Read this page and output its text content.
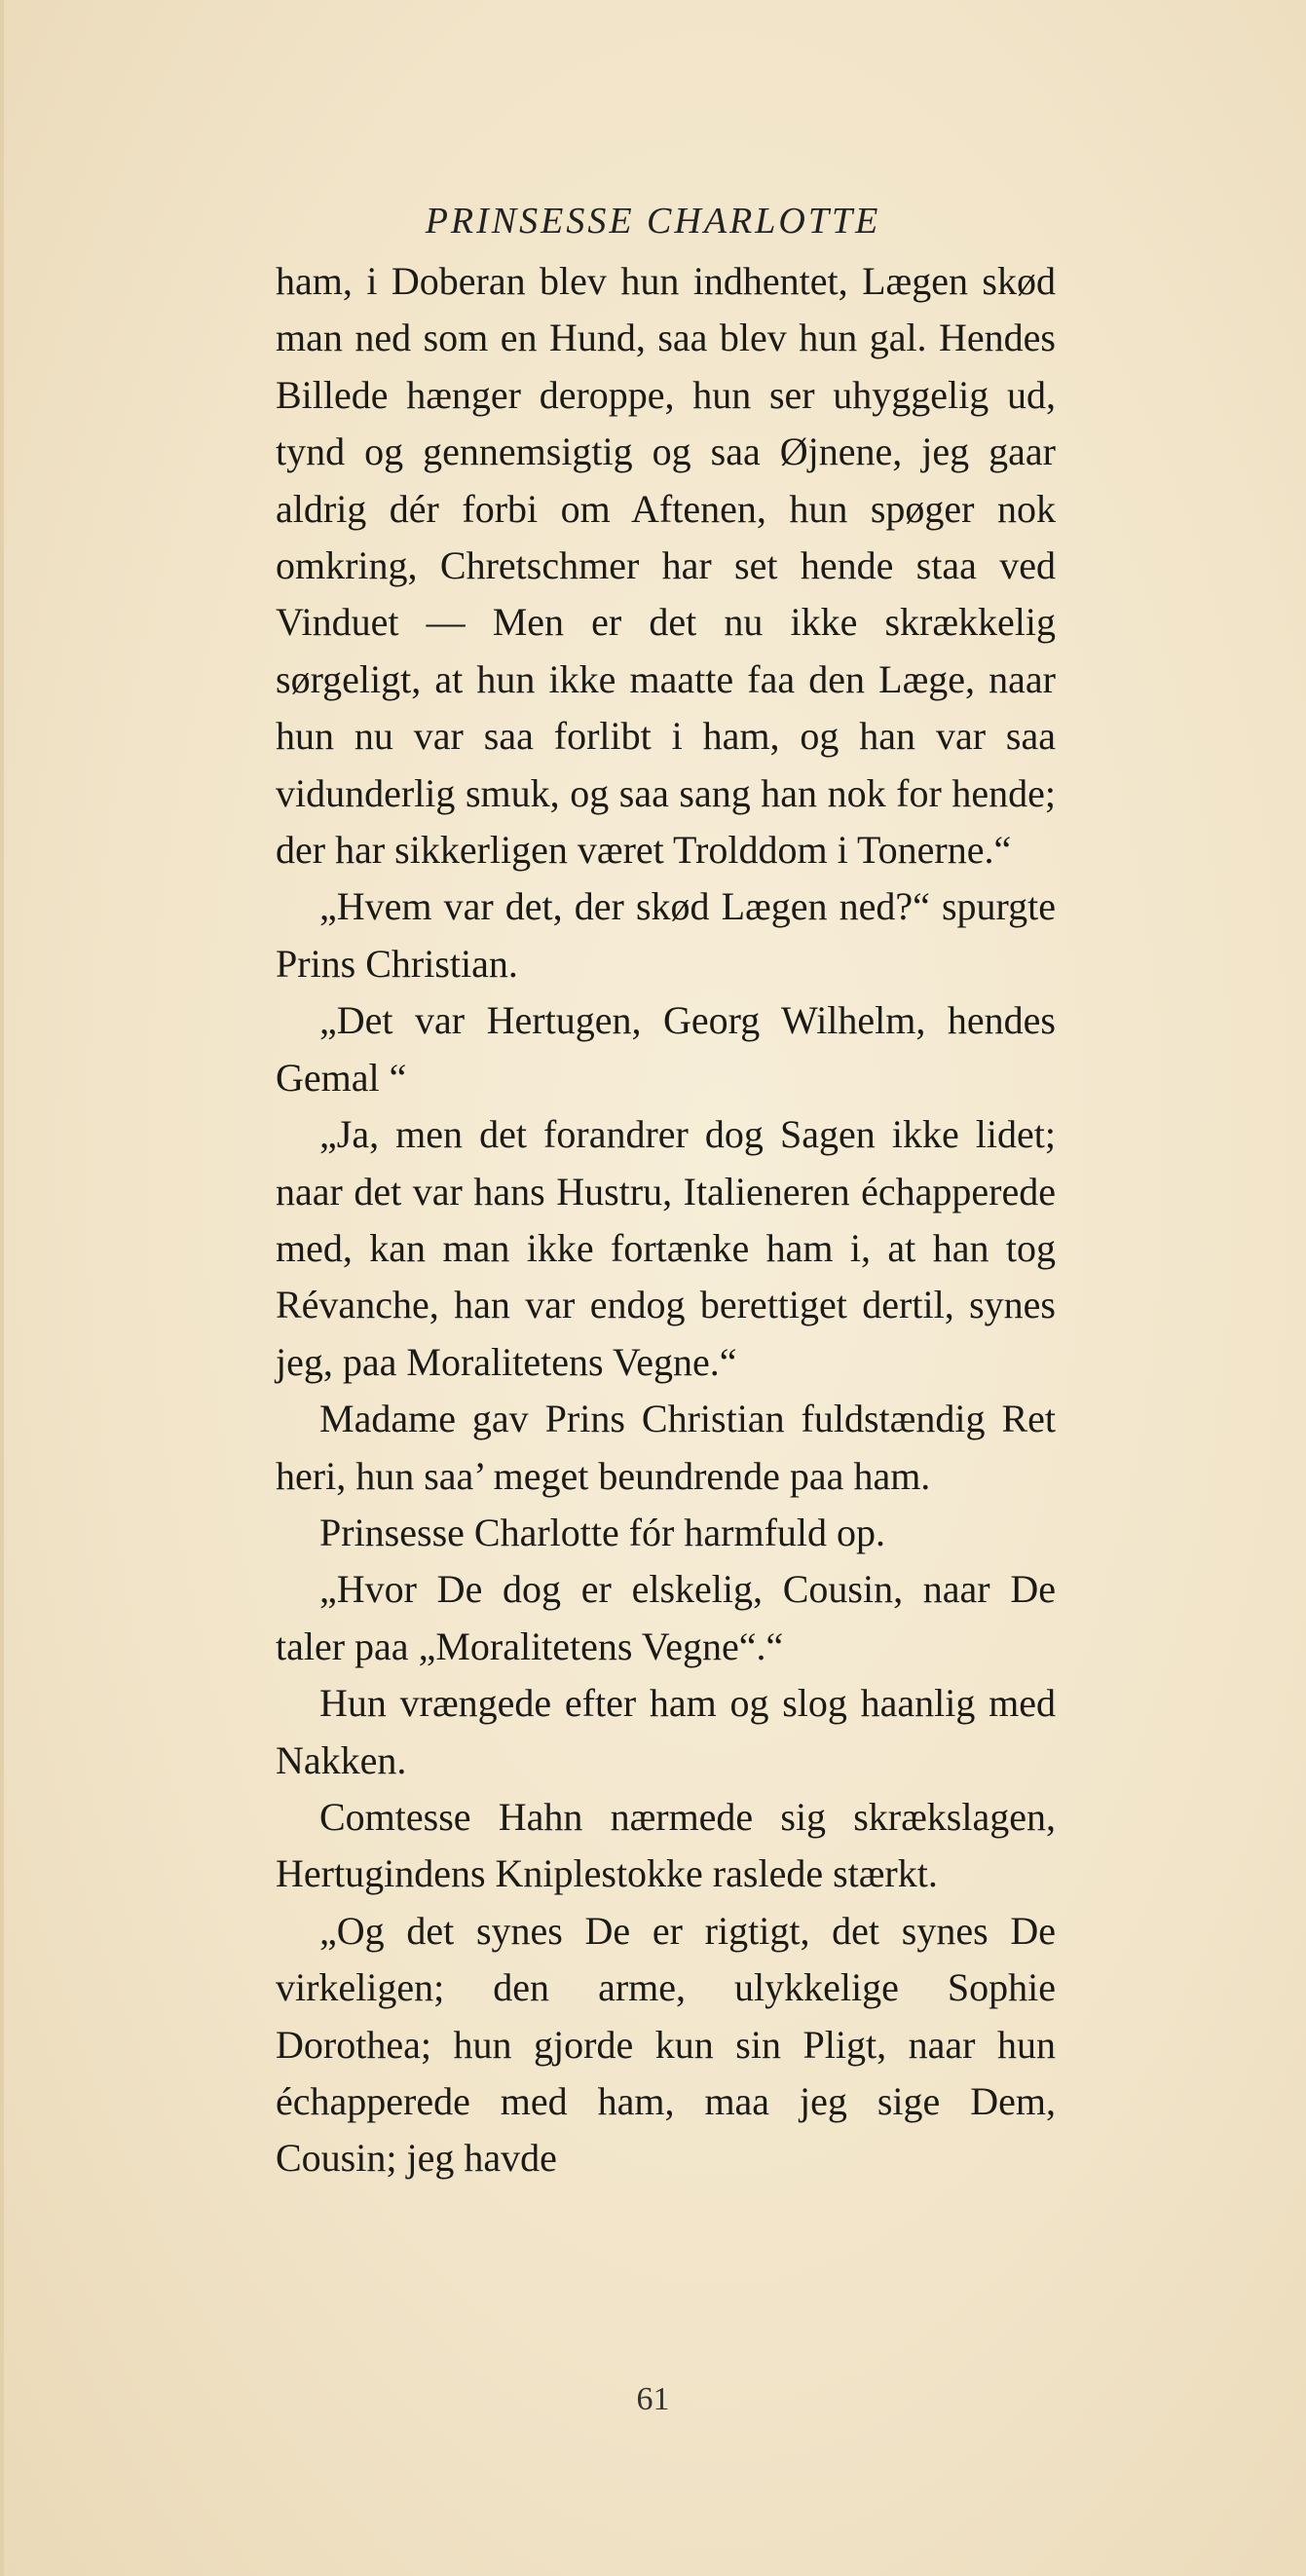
PRINSESSE CHARLOTTE

ham, i Doberan blev hun indhentet, Lægen skød man ned som en Hund, saa blev hun gal. Hendes Billede hænger deroppe, hun ser uhyggelig ud, tynd og gennemsigtig og saa Øjnene, jeg gaar aldrig dér forbi om Aftenen, hun spøger nok omkring, Chretschmer har set hende staa ved Vinduet — Men er det nu ikke skrækkelig sørgeligt, at hun ikke maatte faa den Læge, naar hun nu var saa forlibt i ham, og han var saa vidunderlig smuk, og saa sang han nok for hende; der har sikkerligen været Trolddom i Tonerne.“

„Hvem var det, der skød Lægen ned?“ spurgte Prins Christian.

„Det var Hertugen, Georg Wilhelm, hendes Gemal “

„Ja, men det forandrer dog Sagen ikke lidet; naar det var hans Hustru, Italieneren échapperede med, kan man ikke fortænke ham i, at han tog Révanche, han var endog berettiget dertil, synes jeg, paa Moralitetens Vegne.“

Madame gav Prins Christian fuldstændig Ret heri, hun saa’ meget beundrende paa ham.

Prinsesse Charlotte fór harmfuld op.

„Hvor De dog er elskelig, Cousin, naar De taler paa „Moralitetens Vegne“.“

Hun vrængede efter ham og slog haanlig med Nakken.

Comtesse Hahn nærmede sig skrækslagen, Hertugindens Kniplestokke raslede stærkt.

„Og det synes De er rigtigt, det synes De virkeligen; den arme, ulykkelige Sophie Dorothea; hun gjorde kun sin Pligt, naar hun échapperede med ham, maa jeg sige Dem, Cousin; jeg havde

61
